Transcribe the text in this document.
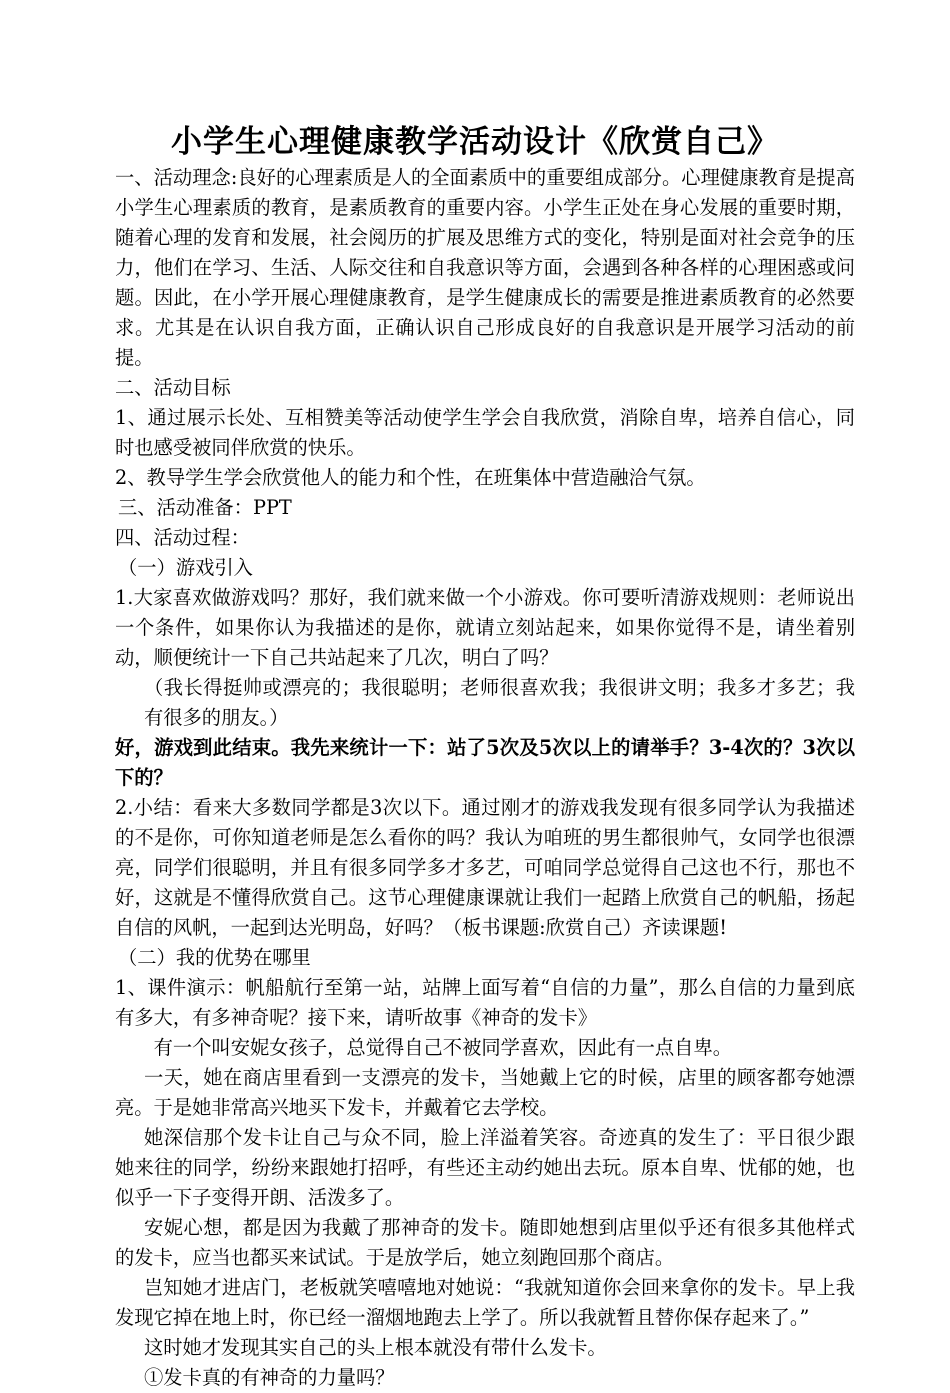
小学生心理健康教学活动设计《欣赏自己》

一、活动理念:良好的心理素质是人的全面素质中的重要组成部分。心理健康教育是提高小学生心理素质的教育，是素质教育的重要内容。小学生正处在身心发展的重要时期，随着心理的发育和发展，社会阅历的扩展及思维方式的变化，特别是面对社会竞争的压力，他们在学习、生活、人际交往和自我意识等方面，会遇到各种各样的心理困惑或问题。因此，在小学开展心理健康教育，是学生健康成长的需要是推进素质教育的必然要求。尤其是在认识自我方面，正确认识自己形成良好的自我意识是开展学习活动的前提。

二、活动目标

1、通过展示长处、互相赞美等活动使学生学会自我欣赏，消除自卑，培养自信心，同时也感受被同伴欣赏的快乐。

2、教导学生学会欣赏他人的能力和个性，在班集体中营造融洽气氛。

三、活动准备：PPT

四、活动过程：

（一）游戏引入

1.大家喜欢做游戏吗？那好，我们就来做一个小游戏。你可要听清游戏规则：老师说出一个条件，如果你认为我描述的是你，就请立刻站起来，如果你觉得不是，请坐着别动，顺便统计一下自己共站起来了几次，明白了吗？

（我长得挺帅或漂亮的；我很聪明；老师很喜欢我；我很讲文明；我多才多艺；我有很多的朋友。）

好，游戏到此结束。我先来统计一下：站了5次及5次以上的请举手？3-4次的？3次以下的？

2.小结：看来大多数同学都是3次以下。通过刚才的游戏我发现有很多同学认为我描述的不是你，可你知道老师是怎么看你的吗？我认为咱班的男生都很帅气，女同学也很漂亮，同学们很聪明，并且有很多同学多才多艺，可咱同学总觉得自己这也不行，那也不好，这就是不懂得欣赏自己。这节心理健康课就让我们一起踏上欣赏自己的帆船，扬起自信的风帆，一起到达光明岛，好吗？（板书课题:欣赏自己）齐读课题!

（二）我的优势在哪里

1、课件演示：帆船航行至第一站，站牌上面写着“自信的力量”，那么自信的力量到底有多大，有多神奇呢？接下来，请听故事《神奇的发卡》

有一个叫安妮女孩子，总觉得自己不被同学喜欢，因此有一点自卑。

一天，她在商店里看到一支漂亮的发卡，当她戴上它的时候，店里的顾客都夸她漂亮。于是她非常高兴地买下发卡，并戴着它去学校。

她深信那个发卡让自己与众不同，脸上洋溢着笑容。奇迹真的发生了：平日很少跟她来往的同学，纷纷来跟她打招呼，有些还主动约她出去玩。原本自卑、忧郁的她，也似乎一下子变得开朗、活泼多了。

安妮心想，都是因为我戴了那神奇的发卡。随即她想到店里似乎还有很多其他样式的发卡，应当也都买来试试。于是放学后，她立刻跑回那个商店。

岂知她才进店门，老板就笑嘻嘻地对她说：“我就知道你会回来拿你的发卡。早上我发现它掉在地上时，你已经一溜烟地跑去上学了。所以我就暂且替你保存起来了。”

这时她才发现其实自己的头上根本就没有带什么发卡。

①发卡真的有神奇的力量吗？
